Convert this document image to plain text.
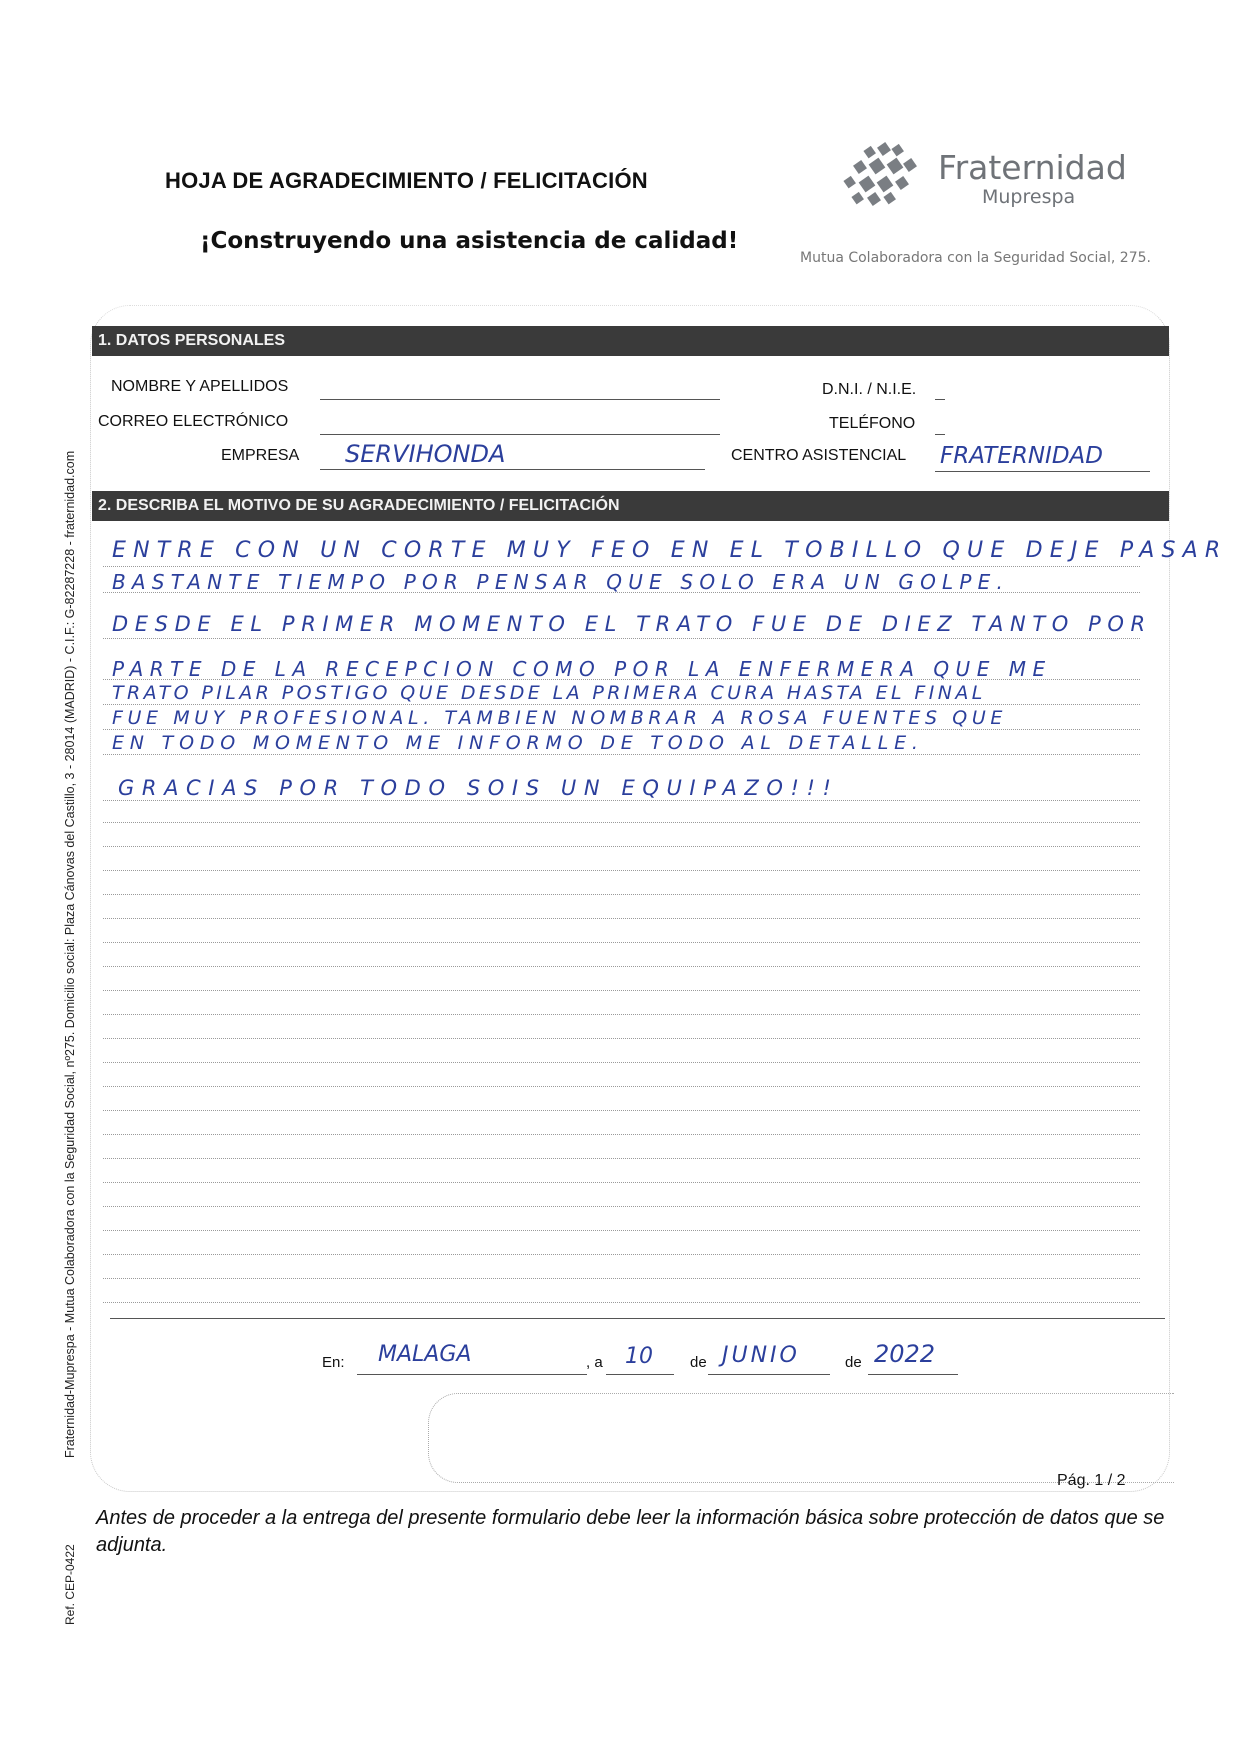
HOJA DE AGRADECIMIENTO / FELICITACIÓN
¡Construyendo una asistencia de calidad!
Fraternidad
Muprespa
Mutua Colaboradora con la Seguridad Social, 275.
1. DATOS PERSONALES
NOMBRE Y APELLIDOS	D.N.I. / N.I.E.
CORREO ELECTRÓNICO	TELÉFONO
EMPRESA SERVIHONDA	CENTRO ASISTENCIAL FRATERNIDAD
2. DESCRIBA EL MOTIVO DE SU AGRADECIMIENTO / FELICITACIÓN
ENTRE CON UN CORTE MUY FEO EN EL TOBILLO QUE DEJE PASAR
BASTANTE TIEMPO POR PENSAR QUE SOLO ERA UN GOLPE.
DESDE EL PRIMER MOMENTO EL TRATO FUE DE DIEZ TANTO POR
PARTE DE LA RECEPCION COMO POR LA ENFERMERA QUE ME
TRATO PILAR POSTIGO QUE DESDE LA PRIMERA CURA HASTA EL FINAL
FUE MUY PROFESIONAL. TAMBIEN NOMBRAR A ROSA FUENTES QUE
EN TODO MOMENTO ME INFORMO DE TODO AL DETALLE.
GRACIAS POR TODO SOIS UN EQUIPAZO!!!
En: MALAGA	, a 10 de JUNIO	de 2022
Pág. 1 / 2
Antes de proceder a la entrega del presente formulario debe leer la información básica sobre protección de datos que se adjunta.
Fraternidad-Muprespa - Mutua Colaboradora con la Seguridad Social, nº275. Domicilio social: Plaza Cánovas del Castillo, 3 - 28014 (MADRID) - C.I.F.: G-82287228 - fraternidad.com
Ref. CEP-0422
